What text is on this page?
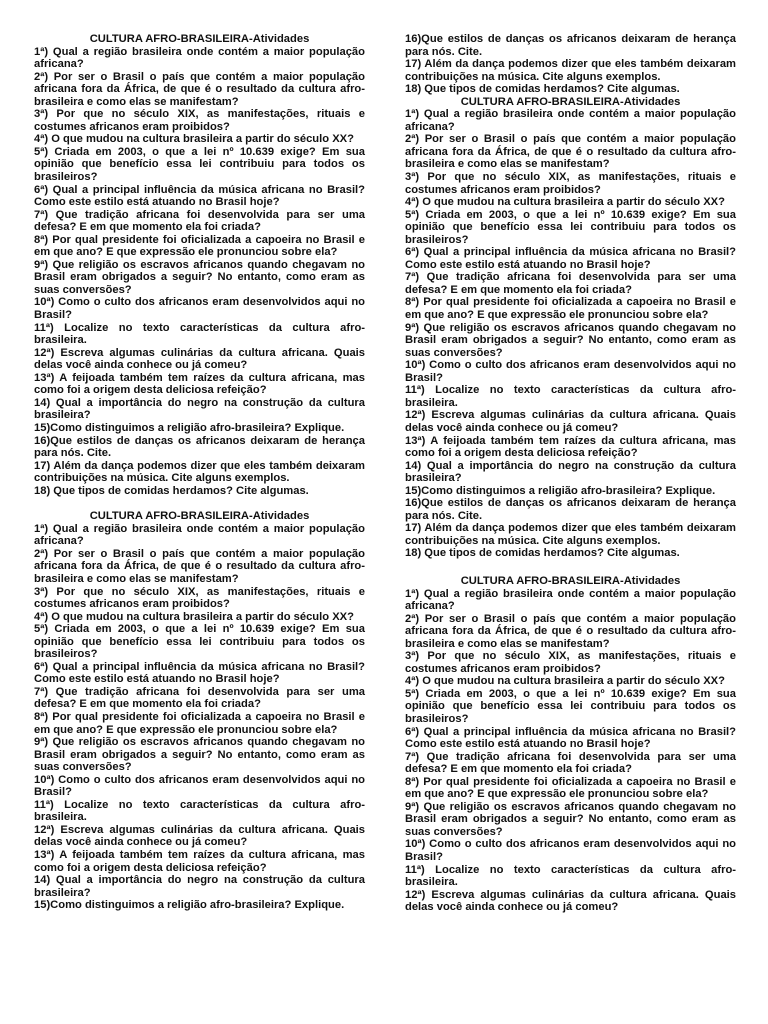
CULTURA AFRO-BRASILEIRA-Atividades

1ª) Qual a região brasileira onde contém a maior população africana?

2ª) Por ser o Brasil o país que contém a maior população africana fora da África, de que é o resultado da cultura afro-brasileira e como elas se manifestam?

3ª) Por que no século XIX, as manifestações, rituais e costumes africanos eram proibidos?

4ª) O que mudou na cultura brasileira a partir do século XX?

5ª) Criada em 2003, o que a lei nº 10.639 exige? Em sua opinião que benefício essa lei contribuiu para todos os brasileiros?

6ª) Qual a principal influência da música africana no Brasil? Como este estilo está atuando no Brasil hoje?

7ª) Que tradição africana foi desenvolvida para ser uma defesa? E em que momento ela foi criada?

8ª) Por qual presidente foi oficializada a capoeira no Brasil e em que ano? E que expressão ele pronunciou sobre ela?

9ª) Que religião os escravos africanos quando chegavam no Brasil eram obrigados a seguir? No entanto, como eram as suas conversões?

10ª) Como o culto dos africanos eram desenvolvidos aqui no Brasil?

11ª) Localize no texto características da cultura afro-brasileira.

12ª) Escreva algumas culinárias da cultura africana. Quais delas você ainda conhece ou já comeu?

13ª) A feijoada também tem raízes da cultura africana, mas como foi a origem desta deliciosa refeição?

14) Qual a importância do negro na construção da cultura brasileira?

15)Como distinguimos a religião afro-brasileira? Explique.

16)Que estilos de danças os africanos deixaram de herança para nós. Cite.

17) Além da dança podemos dizer que eles também deixaram contribuições na música. Cite alguns exemplos.

18) Que tipos de comidas herdamos? Cite algumas.

CULTURA AFRO-BRASILEIRA-Atividades

1ª) Qual a região brasileira onde contém a maior população africana?

2ª) Por ser o Brasil o país que contém a maior população africana fora da África, de que é o resultado da cultura afro-brasileira e como elas se manifestam?

3ª) Por que no século XIX, as manifestações, rituais e costumes africanos eram proibidos?

4ª) O que mudou na cultura brasileira a partir do século XX?

5ª) Criada em 2003, o que a lei nº 10.639 exige? Em sua opinião que benefício essa lei contribuiu para todos os brasileiros?

6ª) Qual a principal influência da música africana no Brasil? Como este estilo está atuando no Brasil hoje?

7ª) Que tradição africana foi desenvolvida para ser uma defesa? E em que momento ela foi criada?

8ª) Por qual presidente foi oficializada a capoeira no Brasil e em que ano? E que expressão ele pronunciou sobre ela?

9ª) Que religião os escravos africanos quando chegavam no Brasil eram obrigados a seguir? No entanto, como eram as suas conversões?

10ª) Como o culto dos africanos eram desenvolvidos aqui no Brasil?

11ª) Localize no texto características da cultura afro-brasileira.

12ª) Escreva algumas culinárias da cultura africana. Quais delas você ainda conhece ou já comeu?

13ª) A feijoada também tem raízes da cultura africana, mas como foi a origem desta deliciosa refeição?

14) Qual a importância do negro na construção da cultura brasileira?

15)Como distinguimos a religião afro-brasileira? Explique.

16)Que estilos de danças os africanos deixaram de herança para nós. Cite.

17) Além da dança podemos dizer que eles também deixaram contribuições na música. Cite alguns exemplos.

18) Que tipos de comidas herdamos? Cite algumas.

CULTURA AFRO-BRASILEIRA-Atividades

1ª) Qual a região brasileira onde contém a maior população africana?

2ª) Por ser o Brasil o país que contém a maior população africana fora da África, de que é o resultado da cultura afro-brasileira e como elas se manifestam?

3ª) Por que no século XIX, as manifestações, rituais e costumes africanos eram proibidos?

4ª) O que mudou na cultura brasileira a partir do século XX?

5ª) Criada em 2003, o que a lei nº 10.639 exige? Em sua opinião que benefício essa lei contribuiu para todos os brasileiros?

6ª) Qual a principal influência da música africana no Brasil? Como este estilo está atuando no Brasil hoje?

7ª) Que tradição africana foi desenvolvida para ser uma defesa? E em que momento ela foi criada?

8ª) Por qual presidente foi oficializada a capoeira no Brasil e em que ano? E que expressão ele pronunciou sobre ela?

9ª) Que religião os escravos africanos quando chegavam no Brasil eram obrigados a seguir? No entanto, como eram as suas conversões?

10ª) Como o culto dos africanos eram desenvolvidos aqui no Brasil?

11ª) Localize no texto características da cultura afro-brasileira.

12ª) Escreva algumas culinárias da cultura africana. Quais delas você ainda conhece ou já comeu?

13ª) A feijoada também tem raízes da cultura africana, mas como foi a origem desta deliciosa refeição?

14) Qual a importância do negro na construção da cultura brasileira?

15)Como distinguimos a religião afro-brasileira? Explique.

16)Que estilos de danças os africanos deixaram de herança para nós. Cite.

17) Além da dança podemos dizer que eles também deixaram contribuições na música. Cite alguns exemplos.

18) Que tipos de comidas herdamos? Cite algumas.

CULTURA AFRO-BRASILEIRA-Atividades

1ª) Qual a região brasileira onde contém a maior população africana?

2ª) Por ser o Brasil o país que contém a maior população africana fora da África, de que é o resultado da cultura afro-brasileira e como elas se manifestam?

3ª) Por que no século XIX, as manifestações, rituais e costumes africanos eram proibidos?

4ª) O que mudou na cultura brasileira a partir do século XX?

5ª) Criada em 2003, o que a lei nº 10.639 exige? Em sua opinião que benefício essa lei contribuiu para todos os brasileiros?

6ª) Qual a principal influência da música africana no Brasil? Como este estilo está atuando no Brasil hoje?

7ª) Que tradição africana foi desenvolvida para ser uma defesa? E em que momento ela foi criada?

8ª) Por qual presidente foi oficializada a capoeira no Brasil e em que ano? E que expressão ele pronunciou sobre ela?

9ª) Que religião os escravos africanos quando chegavam no Brasil eram obrigados a seguir? No entanto, como eram as suas conversões?

10ª) Como o culto dos africanos eram desenvolvidos aqui no Brasil?

11ª) Localize no texto características da cultura afro-brasileira.

12ª) Escreva algumas culinárias da cultura africana. Quais delas você ainda conhece ou já comeu?
